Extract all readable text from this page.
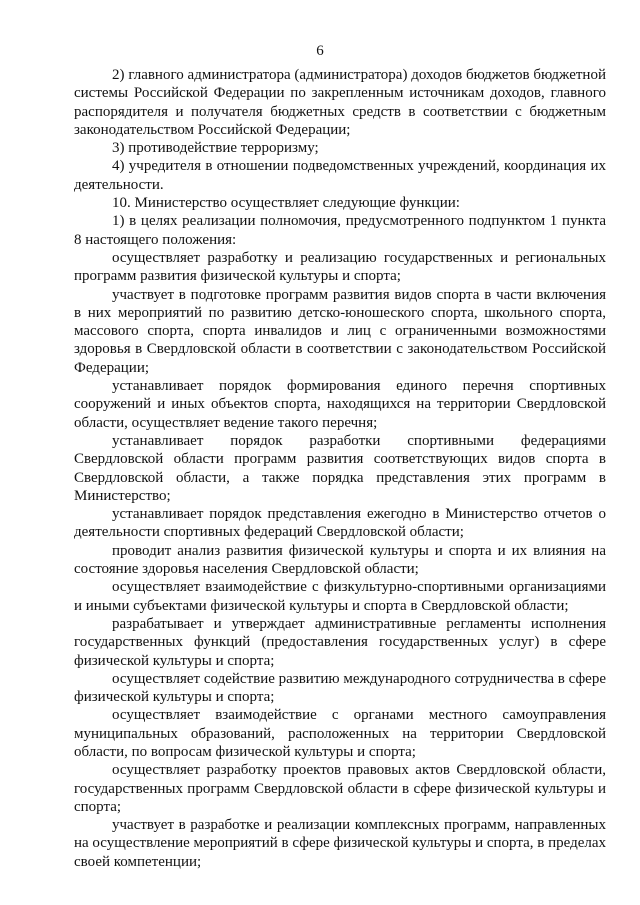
6

2) главного администратора (администратора) доходов бюджетов бюджетной системы Российской Федерации по закрепленным источникам доходов, главного распорядителя и получателя бюджетных средств в соответствии с бюджетным законодательством Российской Федерации;

3) противодействие терроризму;

4) учредителя в отношении подведомственных учреждений, координация их деятельности.

10. Министерство осуществляет следующие функции:

1) в целях реализации полномочия, предусмотренного подпунктом 1 пункта 8 настоящего положения:

осуществляет разработку и реализацию государственных и региональных программ развития физической культуры и спорта;

участвует в подготовке программ развития видов спорта в части включения в них мероприятий по развитию детско-юношеского спорта, школьного спорта, массового спорта, спорта инвалидов и лиц с ограниченными возможностями здоровья в Свердловской области в соответствии с законодательством Российской Федерации;

устанавливает порядок формирования единого перечня спортивных сооружений и иных объектов спорта, находящихся на территории Свердловской области, осуществляет ведение такого перечня;

устанавливает порядок разработки спортивными федерациями Свердловской области программ развития соответствующих видов спорта в Свердловской области, а также порядка представления этих программ в Министерство;

устанавливает порядок представления ежегодно в Министерство отчетов о деятельности спортивных федераций Свердловской области;

проводит анализ развития физической культуры и спорта и их влияния на состояние здоровья населения Свердловской области;

осуществляет взаимодействие с физкультурно-спортивными организациями и иными субъектами физической культуры и спорта в Свердловской области;

разрабатывает и утверждает административные регламенты исполнения государственных функций (предоставления государственных услуг) в сфере физической культуры и спорта;

осуществляет содействие развитию международного сотрудничества в сфере физической культуры и спорта;

осуществляет взаимодействие с органами местного самоуправления муниципальных образований, расположенных на территории Свердловской области, по вопросам физической культуры и спорта;

осуществляет разработку проектов правовых актов Свердловской области, государственных программ Свердловской области в сфере физической культуры и спорта;

участвует в разработке и реализации комплексных программ, направленных на осуществление мероприятий в сфере физической культуры и спорта, в пределах своей компетенции;
